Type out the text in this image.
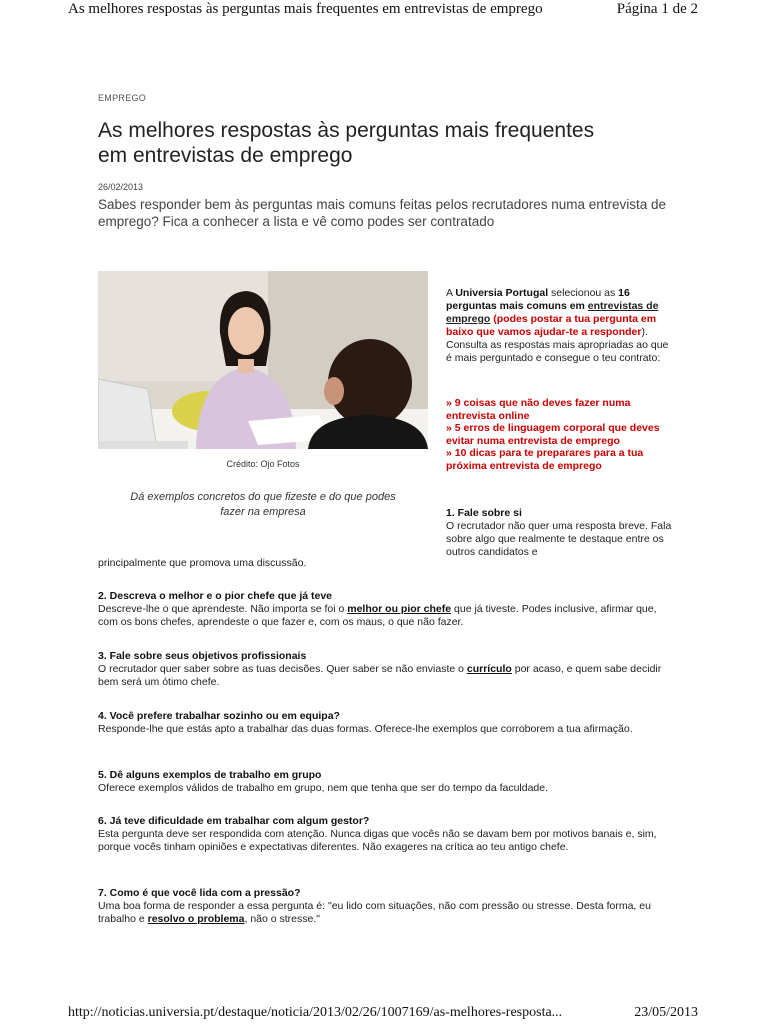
As melhores respostas às perguntas mais frequentes em entrevistas de emprego	Página 1 de 2
EMPREGO
As melhores respostas às perguntas mais frequentes em entrevistas de emprego
26/02/2013

Sabes responder bem às perguntas mais comuns feitas pelos recrutadores numa entrevista de emprego? Fica a conhecer a lista e vê como podes ser contratado

Crédito: Ojo Fotos

Dá exemplos concretos do que fizeste e do que podes fazer na empresa

A Universia Portugal selecionou as 16 perguntas mais comuns em entrevistas de emprego (podes postar a tua pergunta em baixo que vamos ajudar-te a responder). Consulta as respostas mais apropriadas ao que é mais perguntado e consegue o teu contrato:

» 9 coisas que não deves fazer numa entrevista online
» 5 erros de linguagem corporal que deves evitar numa entrevista de emprego
» 10 dicas para te preparares para a tua próxima entrevista de emprego
1. Fale sobre si
O recrutador não quer uma resposta breve. Fala sobre algo que realmente te destaque entre os outros candidatos e
principalmente que promova uma discussão.
2. Descreva o melhor e o pior chefe que já teve
Descreve-lhe o que aprendeste. Não importa se foi o melhor ou pior chefe que já tiveste. Podes inclusive, afirmar que, com os bons chefes, aprendeste o que fazer e, com os maus, o que não fazer.
3. Fale sobre seus objetivos profissionais
O recrutador quer saber sobre as tuas decisões. Quer saber se não enviaste o currículo por acaso, e quem sabe decidir bem será um ótimo chefe.
4. Você prefere trabalhar sozinho ou em equipa?
Responde-lhe que estás apto a trabalhar das duas formas. Oferece-lhe exemplos que corroborem a tua afirmação.
5. Dê alguns exemplos de trabalho em grupo
Oferece exemplos válidos de trabalho em grupo, nem que tenha que ser do tempo da faculdade.
6. Já teve dificuldade em trabalhar com algum gestor?
Esta pergunta deve ser respondida com atenção. Nunca digas que vocês não se davam bem por motivos banais e, sim, porque vocês tinham opiniões e expectativas diferentes. Não exageres na crítica ao teu antigo chefe.
7. Como é que você lida com a pressão?
Uma boa forma de responder a essa pergunta é: "eu lido com situações, não com pressão ou stresse. Desta forma, eu trabalho e resolvo o problema, não o stresse."
http://noticias.universia.pt/destaque/noticia/2013/02/26/1007169/as-melhores-resposta...	23/05/2013
